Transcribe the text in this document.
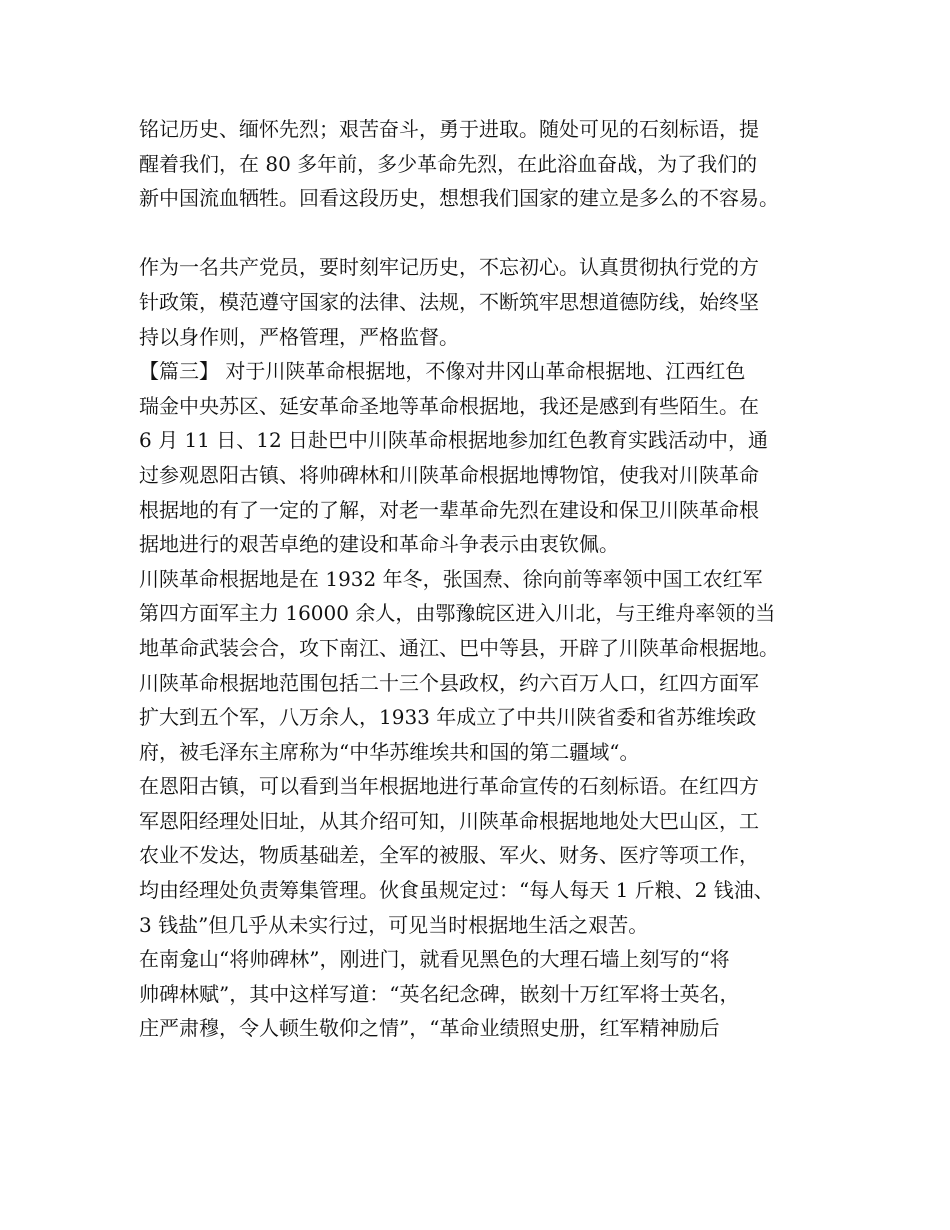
铭记历史、缅怀先烈；艰苦奋斗，勇于进取。随处可见的石刻标语，提
醒着我们，在 80 多年前，多少革命先烈，在此浴血奋战，为了我们的
新中国流血牺牲。回看这段历史，想想我们国家的建立是多么的不容易。
作为一名共产党员，要时刻牢记历史，不忘初心。认真贯彻执行党的方
针政策，模范遵守国家的法律、法规，不断筑牢思想道德防线，始终坚
持以身作则，严格管理，严格监督。
【篇三】 对于川陕革命根据地，不像对井冈山革命根据地、江西红色
瑞金中央苏区、延安革命圣地等革命根据地，我还是感到有些陌生。在
6 月 11 日、12 日赴巴中川陕革命根据地参加红色教育实践活动中，通
过参观恩阳古镇、将帅碑林和川陕革命根据地博物馆，使我对川陕革命
根据地的有了一定的了解，对老一辈革命先烈在建设和保卫川陕革命根
据地进行的艰苦卓绝的建设和革命斗争表示由衷钦佩。
川陕革命根据地是在 1932 年冬，张国焘、徐向前等率领中国工农红军
第四方面军主力 16000 余人，由鄂豫皖区进入川北，与王维舟率领的当
地革命武装会合，攻下南江、通江、巴中等县，开辟了川陕革命根据地。
川陕革命根据地范围包括二十三个县政权，约六百万人口，红四方面军
扩大到五个军，八万余人，1933 年成立了中共川陕省委和省苏维埃政
府，被毛泽东主席称为“中华苏维埃共和国的第二疆域“。
在恩阳古镇，可以看到当年根据地进行革命宣传的石刻标语。在红四方
军恩阳经理处旧址，从其介绍可知，川陕革命根据地地处大巴山区，工
农业不发达，物质基础差，全军的被服、军火、财务、医疗等项工作，
均由经理处负责筹集管理。伙食虽规定过：“每人每天 1 斤粮、2 钱油、
3 钱盐”但几乎从未实行过，可见当时根据地生活之艰苦。
在南龛山“将帅碑林”，刚进门，就看见黑色的大理石墙上刻写的“将
帅碑林赋”，其中这样写道：“英名纪念碑，嵌刻十万红军将士英名，
庄严肃穆，令人顿生敬仰之情”，“革命业绩照史册，红军精神励后
